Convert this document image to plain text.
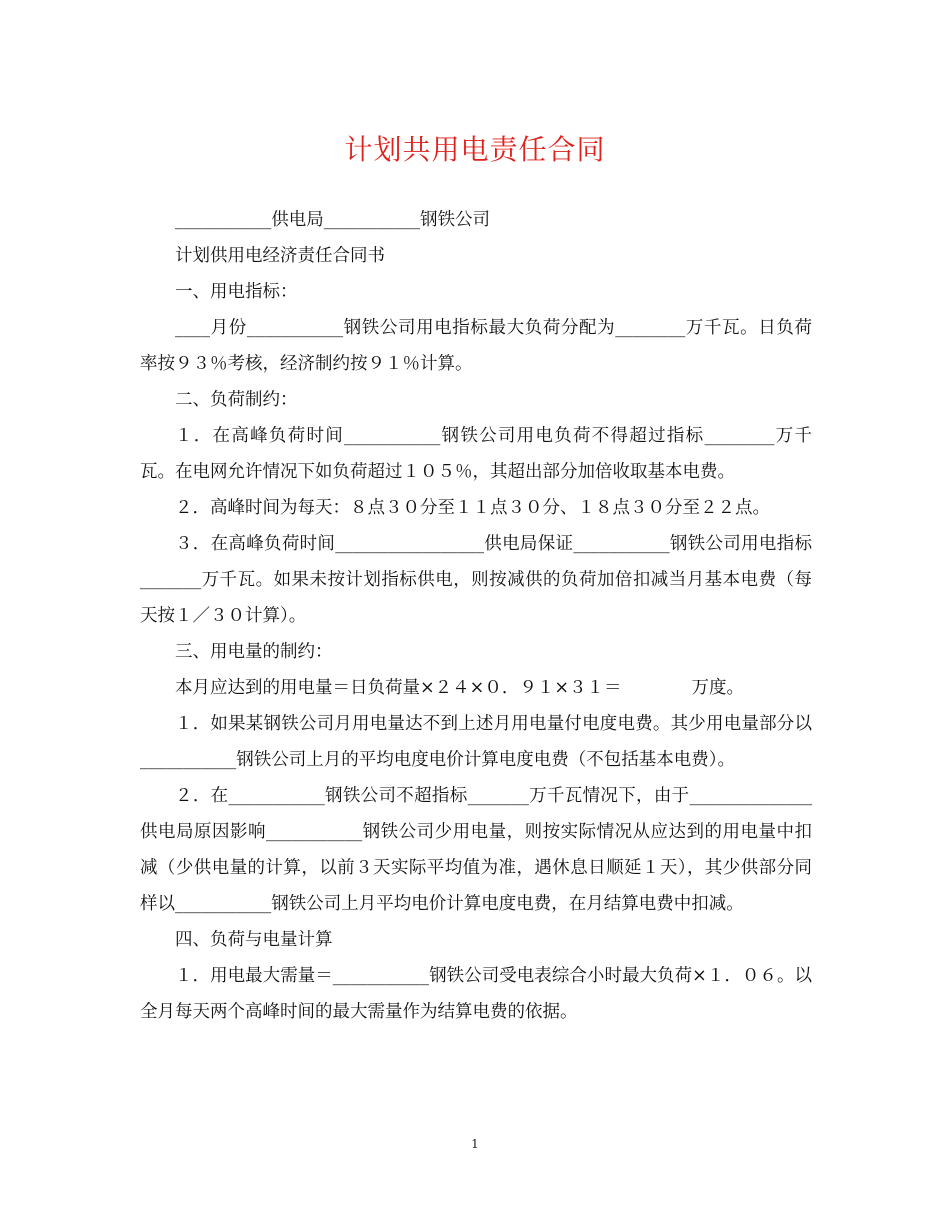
计划共用电责任合同

___________供电局___________钢铁公司

计划供用电经济责任合同书

一、用电指标：

____月份___________钢铁公司用电指标最大负荷分配为________万千瓦。日负荷率按９３％考核，经济制约按９１％计算。

二、负荷制约：

１．在高峰负荷时间___________钢铁公司用电负荷不得超过指标________万千瓦。在电网允许情况下如负荷超过１０５％，其超出部分加倍收取基本电费。

２．高峰时间为每天：８点３０分至１１点３０分、１８点３０分至２２点。

３．在高峰负荷时间_________________供电局保证___________钢铁公司用电指标_______万千瓦。如果未按计划指标供电，则按减供的负荷加倍扣减当月基本电费（每天按１／３０计算）。

三、用电量的制约：

本月应达到的用电量＝日负荷量×２４×０．９１×３１＝　　　　万度。

１．如果某钢铁公司月用电量达不到上述月用电量付电度电费。其少用电量部分以___________钢铁公司上月的平均电度电价计算电度电费（不包括基本电费）。

２．在___________钢铁公司不超指标_______万千瓦情况下，由于______________供电局原因影响___________钢铁公司少用电量，则按实际情况从应达到的用电量中扣减（少供电量的计算，以前３天实际平均值为准，遇休息日顺延１天），其少供部分同样以___________钢铁公司上月平均电价计算电度电费，在月结算电费中扣减。

四、负荷与电量计算

１．用电最大需量＝___________钢铁公司受电表综合小时最大负荷×１．０６。以全月每天两个高峰时间的最大需量作为结算电费的依据。

1
